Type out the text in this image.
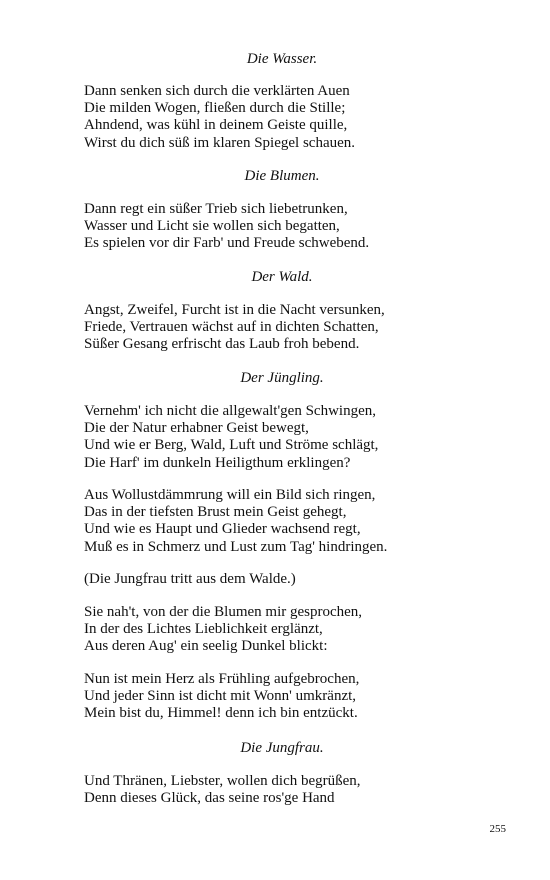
Die Wasser.
Dann senken sich durch die verklärten Auen
Die milden Wogen, fließen durch die Stille;
Ahndend, was kühl in deinem Geiste quille,
Wirst du dich süß im klaren Spiegel schauen.
Die Blumen.
Dann regt ein süßer Trieb sich liebetrunken,
Wasser und Licht sie wollen sich begatten,
Es spielen vor dir Farb' und Freude schwebend.
Der Wald.
Angst, Zweifel, Furcht ist in die Nacht versunken,
Friede, Vertrauen wächst auf in dichten Schatten,
Süßer Gesang erfrischt das Laub froh bebend.
Der Jüngling.
Vernehm' ich nicht die allgewalt'gen Schwingen,
Die der Natur erhabner Geist bewegt,
Und wie er Berg, Wald, Luft und Ströme schlägt,
Die Harf' im dunkeln Heiligthum erklingen?
Aus Wollustdämmrung will ein Bild sich ringen,
Das in der tiefsten Brust mein Geist gehegt,
Und wie es Haupt und Glieder wachsend regt,
Muß es in Schmerz und Lust zum Tag' hindringen.
(Die Jungfrau tritt aus dem Walde.)
Sie nah't, von der die Blumen mir gesprochen,
In der des Lichtes Lieblichkeit erglänzt,
Aus deren Aug' ein seelig Dunkel blickt:
Nun ist mein Herz als Frühling aufgebrochen,
Und jeder Sinn ist dicht mit Wonn' umkränzt,
Mein bist du, Himmel! denn ich bin entzückt.
Die Jungfrau.
Und Thränen, Liebster, wollen dich begrüßen,
Denn dieses Glück, das seine ros'ge Hand
255
